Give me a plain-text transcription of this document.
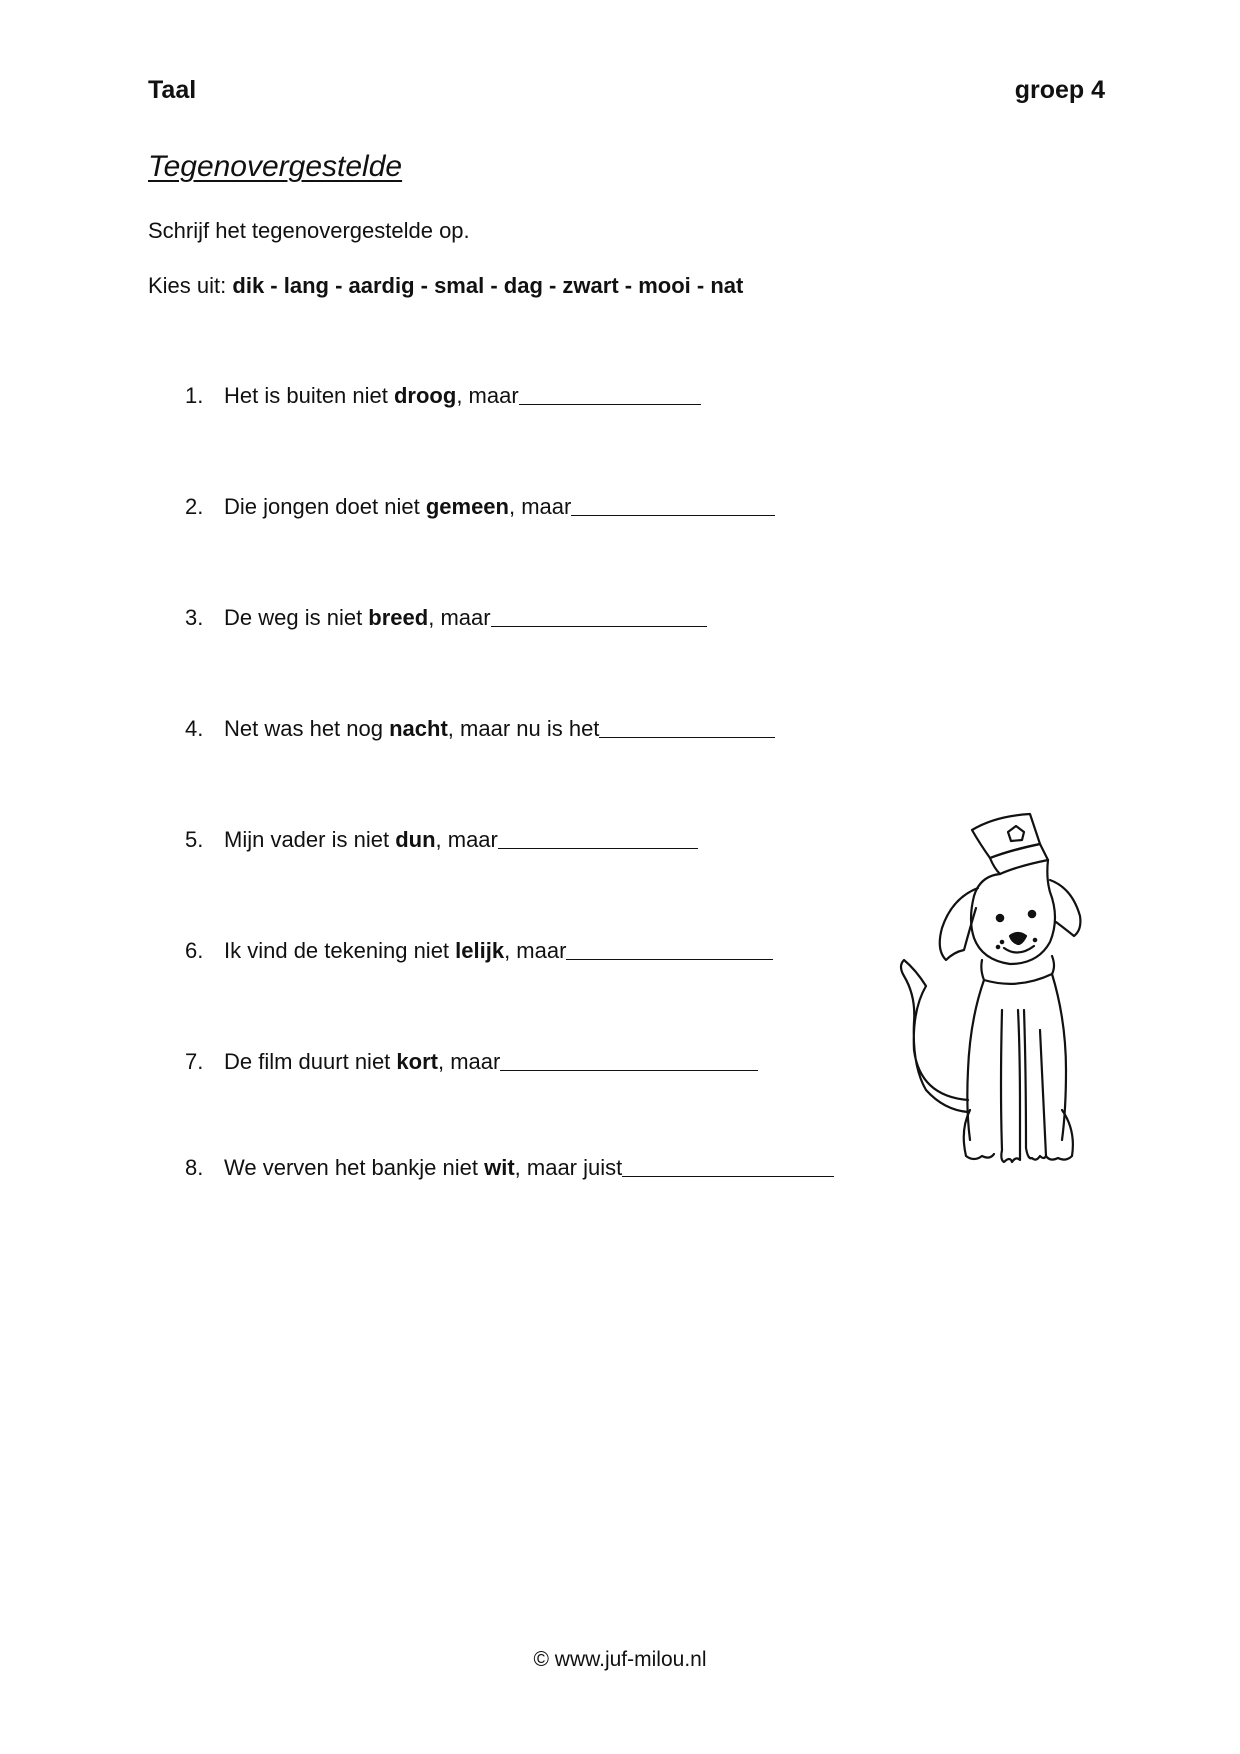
Taal	groep 4
Tegenovergestelde
Schrijf het tegenovergestelde op.
Kies uit: dik - lang - aardig - smal - dag - zwart - mooi - nat
1. Het is buiten niet droog, maar
2. Die jongen doet niet gemeen, maar
3. De weg is niet breed, maar
4. Net was het nog nacht, maar nu is het
5. Mijn vader is niet dun, maar
6. Ik vind de tekening niet lelijk, maar
7. De film duurt niet kort, maar
8. We verven het bankje niet wit, maar juist
© www.juf-milou.nl
